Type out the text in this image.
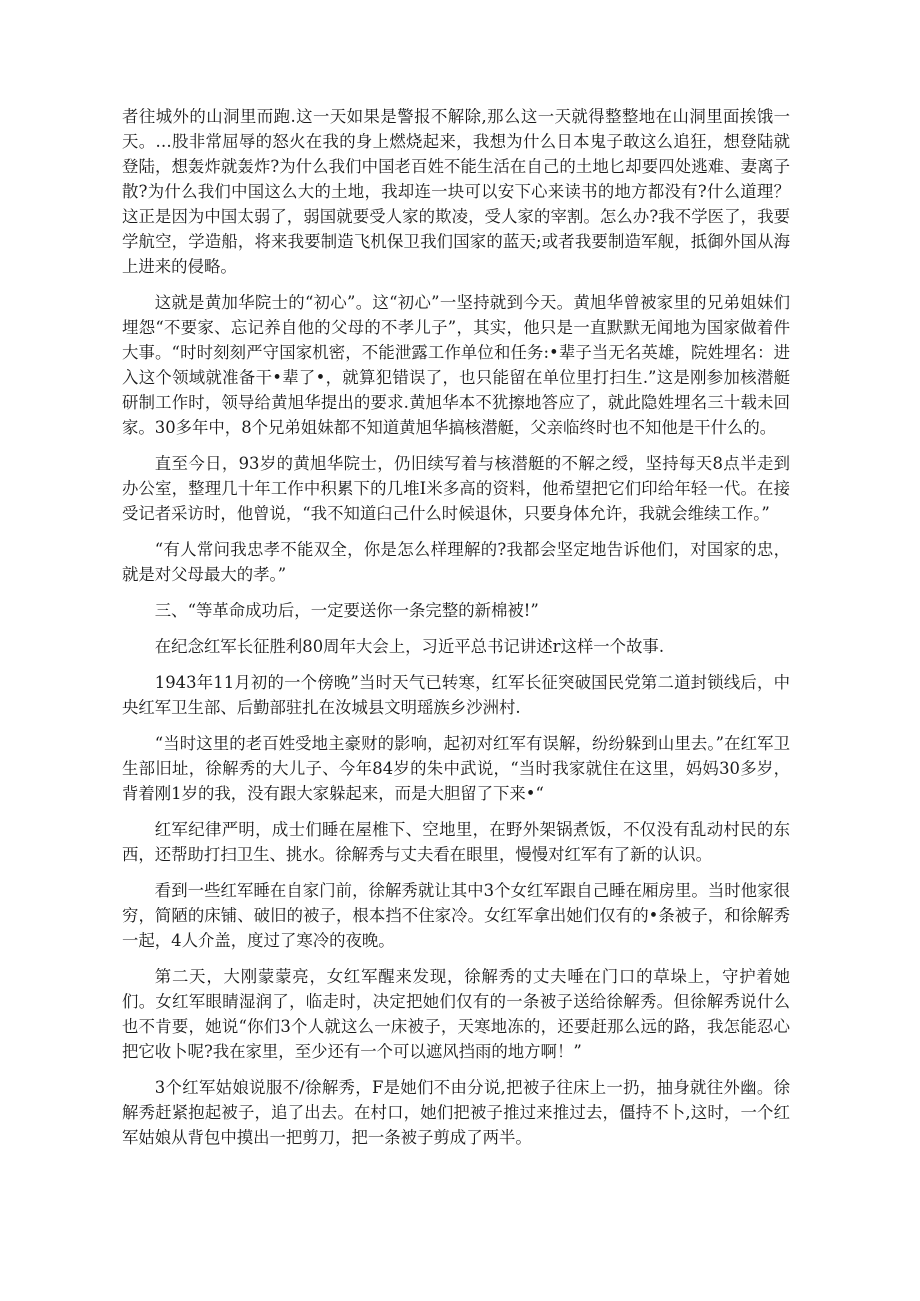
者往城外的山洞里而跑.这一天如果是警报不解除,那么这一天就得整整地在山洞里面挨饿一天。…股非常屈辱的怒火在我的身上燃烧起来，我想为什么日本鬼子敢这么追狂，想登陆就登陆，想轰炸就轰炸?为什么我们中国老百姓不能生活在自己的土地匕却要四处逃难、妻离子散?为什么我们中国这么大的土地，我却连一块可以安下心来读书的地方都没有?什么道理？这正是因为中国太弱了，弱国就要受人家的欺凌，受人家的宰割。怎么办?我不学医了，我要学航空，学造船，将来我要制造飞机保卫我们国家的蓝天;或者我要制造军舰，抵御外国从海上进来的侵略。

这就是黄加华院士的“初心”。这“初心”一坚持就到今天。黄旭华曾被家里的兄弟姐妹们埋怨“不要家、忘记养自他的父母的不孝儿子”，其实，他只是一直默默无闻地为国家做着件大事。“时时刻刻严守国家机密，不能泄露工作单位和任务:•辈子当无名英雄，院姓埋名：进入这个领域就准备干•辈了•，就算犯错误了，也只能留在单位里打扫生.”这是刚参加核潜艇研制工作时，领导给黄旭华提出的要求.黄旭华本不犹擦地答应了，就此隐姓埋名三十载未回家。30多年中，8个兄弟姐妹都不知道黄旭华搞核潜艇，父亲临终时也不知他是干什么的。

直至今日，93岁的黄旭华院士，仍旧续写着与核潜艇的不解之绶，坚持每天8点半走到办公室，整理几十年工作中积累下的几堆I米多高的资料，他希望把它们印给年轻一代。在接受记者采访时，他曾说，“我不知道臼己什么时候退休，只要身体允许，我就会维续工作。”

“有人常问我忠孝不能双全，你是怎么样理解的?我都会坚定地告诉他们，对国家的忠，就是对父母最大的孝。”

三、“等革命成功后，一定要送你一条完整的新棉被!”

在纪念红军长征胜利80周年大会上，习近平总书记讲述r这样一个故事.

1943年11月初的一个傍晚”当时天气已转寒，红军长征突破国民党第二道封锁线后，中央红军卫生部、后勤部驻扎在汝城县文明瑶族乡沙洲村.

“当时这里的老百姓受地主豪财的影响，起初对红军有误解，纷纷躲到山里去。”在红军卫生部旧址，徐解秀的大儿子、今年84岁的朱中武说，“当时我家就住在这里，妈妈30多岁，背着刚1岁的我，没有跟大家躲起来，而是大胆留了下来•“

红军纪律严明，成士们睡在屋椎下、空地里，在野外架锅煮饭，不仅没有乱动村民的东西，还帮助打扫卫生、挑水。徐解秀与丈夫看在眼里，慢慢对红军有了新的认识。

看到一些红军睡在自家门前，徐解秀就让其中3个女红军跟自己睡在厢房里。当时他家很穷，简陋的床铺、破旧的被子，根本挡不住家冷。女红军拿出她们仅有的•条被子，和徐解秀一起，4人介盖，度过了寒冷的夜晚。

第二天，大刚蒙蒙亮，女红军醒来发现，徐解秀的丈夫唾在门口的草垛上，守护着她们。女红军眼睛湿润了，临走时，决定把她们仅有的一条被子送给徐解秀。但徐解秀说什么也不肯要，她说“你们3个人就这么一床被子，天寒地冻的，还要赶那么远的路，我怎能忍心把它收卜呢?我在家里，至少还有一个可以遮风挡雨的地方啊！”

3个红军姑娘说服不/徐解秀，F是她们不由分说,把被子往床上一扔，抽身就往外幽。徐解秀赶紧抱起被子，追了出去。在村口，她们把被子推过来推过去，僵持不卜,这时，一个红军姑娘从背包中摸出一把剪刀，把一条被子剪成了两半。
